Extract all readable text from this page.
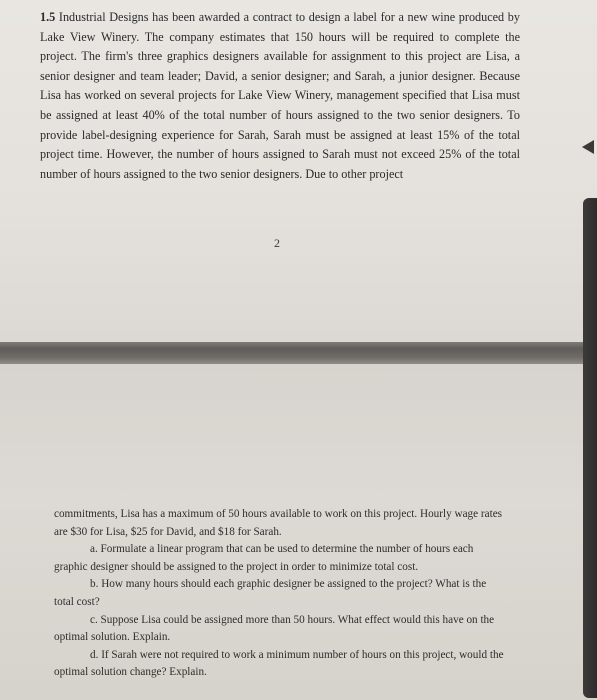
1.5 Industrial Designs has been awarded a contract to design a label for a new wine produced by Lake View Winery. The company estimates that 150 hours will be required to complete the project. The firm's three graphics designers available for assignment to this project are Lisa, a senior designer and team leader; David, a senior designer; and Sarah, a junior designer. Because Lisa has worked on several projects for Lake View Winery, management specified that Lisa must be assigned at least 40% of the total number of hours assigned to the two senior designers. To provide label-designing experience for Sarah, Sarah must be assigned at least 15% of the total project time. However, the number of hours assigned to Sarah must not exceed 25% of the total number of hours assigned to the two senior designers. Due to other project
2

commitments, Lisa has a maximum of 50 hours available to work on this project. Hourly wage rates are $30 for Lisa, $25 for David, and $18 for Sarah.

a. Formulate a linear program that can be used to determine the number of hours each graphic designer should be assigned to the project in order to minimize total cost.

b. How many hours should each graphic designer be assigned to the project? What is the total cost?

c. Suppose Lisa could be assigned more than 50 hours. What effect would this have on the optimal solution. Explain.

d. If Sarah were not required to work a minimum number of hours on this project, would the optimal solution change? Explain.
